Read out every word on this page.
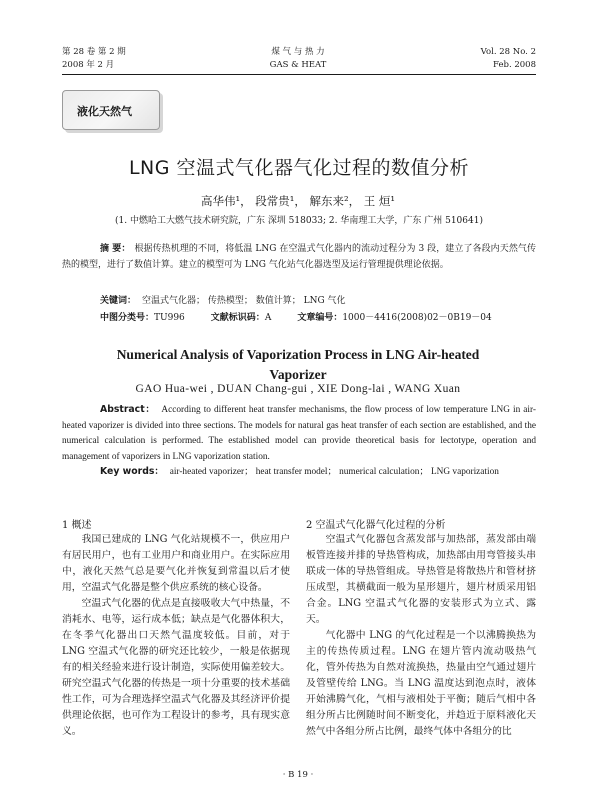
第 28 卷 第 2 期
2008 年 2 月
煤 气 与 热 力
GAS & HEAT
Vol. 28 No. 2
Feb. 2008
液化天然气
LNG 空温式气化器气化过程的数值分析
高华伟¹， 段常贵¹， 解东来²， 王 烜¹
(1. 中燃哈工大燃气技术研究院，广东 深圳 518033; 2. 华南理工大学，广东 广州 510641)
摘 要： 根据传热机理的不同，将低温 LNG 在空温式气化器内的流动过程分为 3 段，建立了各段内天然气传热的模型，进行了数值计算。建立的模型可为 LNG 气化站气化器选型及运行管理提供理论依据。
关键词： 空温式气化器； 传热模型； 数值计算； LNG 气化
中图分类号：TU996	文献标识码：A	文章编号：1000－4416(2008)02－0B19－04
Numerical Analysis of Vaporization Process in LNG Air-heated Vaporizer
GAO Hua-wei , DUAN Chang-gui , XIE Dong-lai , WANG Xuan
Abstract： According to different heat transfer mechanisms, the flow process of low temperature LNG in air-heated vaporizer is divided into three sections. The models for natural gas heat transfer of each section are established, and the numerical calculation is performed. The established model can provide theoretical basis for lectotype, operation and management of vaporizers in LNG vaporization station.
Key words： air-heated vaporizer； heat transfer model； numerical calculation； LNG vaporization
1 概述

我国已建成的 LNG 气化站规模不一，供应用户有居民用户，也有工业用户和商业用户。在实际应用中，液化天然气总是要气化并恢复到常温以后才使用，空温式气化器是整个供应系统的核心设备。

空温式气化器的优点是直接吸收大气中热量，不消耗水、电等，运行成本低；缺点是气化器体积大，在冬季气化器出口天然气温度较低。目前，对于 LNG 空温式气化器的研究还比较少，一般是依据现有的相关经验来进行设计制造，实际使用偏差较大。研究空温式气化器的传热是一项十分重要的技术基础性工作，可为合理选择空温式气化器及其经济评价提供理论依据，也可作为工程设计的参考，具有现实意义。

2 空温式气化器气化过程的分析

空温式气化器包含蒸发部与加热部，蒸发部由端板管连接并排的导热管构成，加热部由用弯管接头串联成一体的导热管组成。导热管是将散热片和管材挤压成型，其横截面一般为星形翅片，翅片材质采用铝合金。LNG 空温式气化器的安装形式为立式、露天。

气化器中 LNG 的气化过程是一个以沸腾换热为主的传热传质过程。LNG 在翅片管内流动吸热气化，管外传热为自然对流换热，热量由空气通过翅片及管壁传给 LNG。当 LNG 温度达到泡点时，液体开始沸腾气化，气相与液相处于平衡；随后气相中各组分所占比例随时间不断变化，并趋近于原料液化天然气中各组分所占比例，最终气体中各组分的比

· B 19 ·
